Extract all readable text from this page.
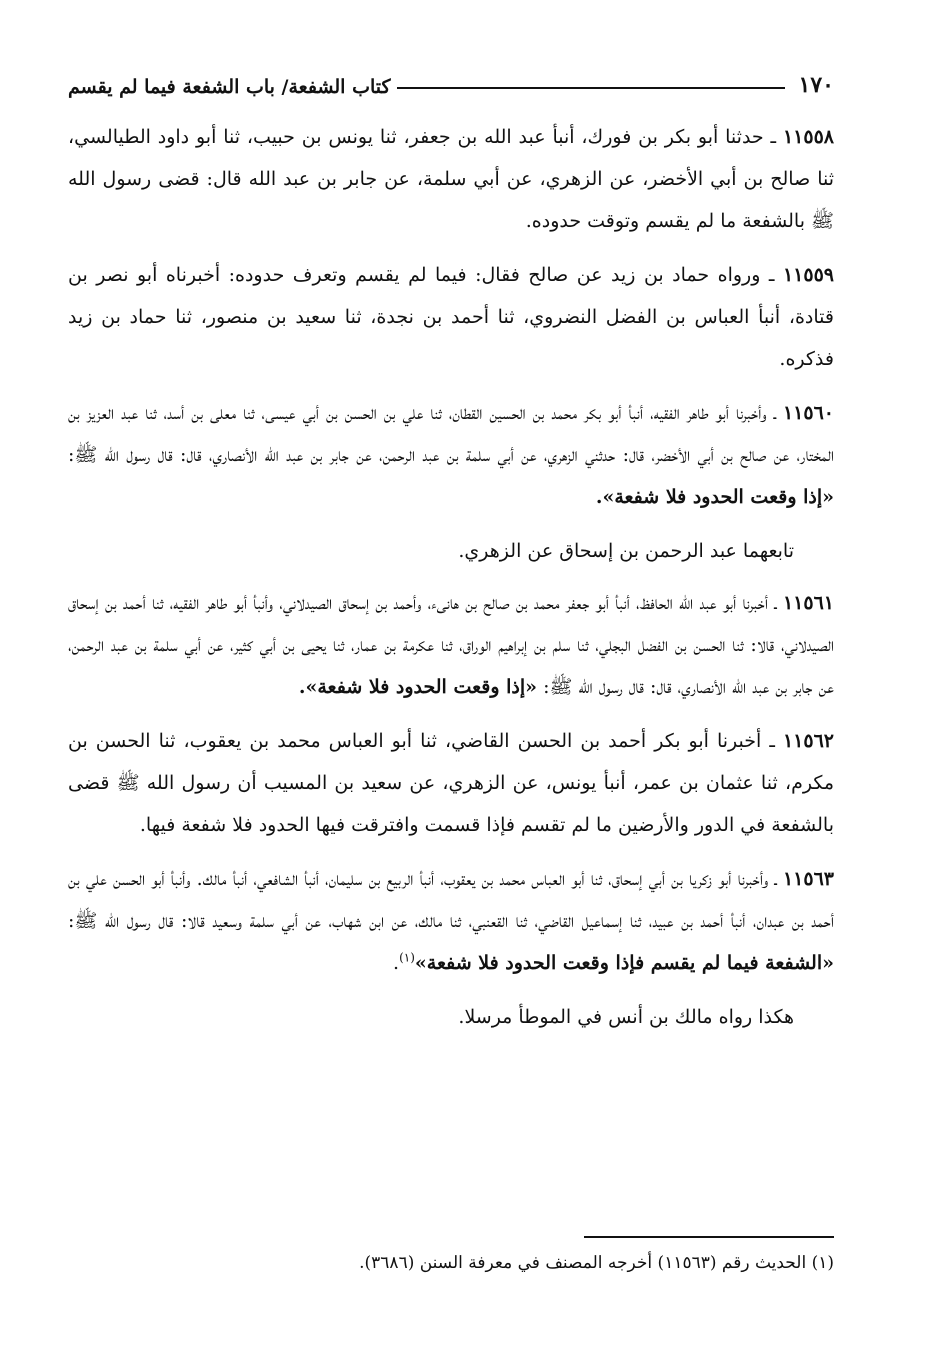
١٧٠
كتاب الشفعة/ باب الشفعة فيما لم يقسم

١١٥٥٨ ـ حدثنا أبو بكر بن فورك، أنبأ عبد الله بن جعفر، ثنا يونس بن حبيب، ثنا أبو داود الطيالسي، ثنا صالح بن أبي الأخضر، عن الزهري، عن أبي سلمة، عن جابر بن عبد الله قال: قضى رسول الله ﷺ بالشفعة ما لم يقسم وتوقت حدوده.

١١٥٥٩ ـ ورواه حماد بن زيد عن صالح فقال: فيما لم يقسم وتعرف حدوده: أخبرناه أبو نصر بن قتادة، أنبأ العباس بن الفضل النضروي، ثنا أحمد بن نجدة، ثنا سعيد بن منصور، ثنا حماد بن زيد فذكره.

١١٥٦٠ ـ وأخبرنا أبو طاهر الفقيه، أنبأ أبو بكر محمد بن الحسين القطان، ثنا علي بن الحسن بن أبي عيسى، ثنا معلى بن أسد، ثنا عبد العزيز بن المختار، عن صالح بن أبي الأخضر، قال: حدثني الزهري، عن أبي سلمة بن عبد الرحمن، عن جابر بن عبد الله الأنصاري، قال: قال رسول الله ﷺ: «إذا وقعت الحدود فلا شفعة».

تابعهما عبد الرحمن بن إسحاق عن الزهري.

١١٥٦١ ـ أخبرنا أبو عبد الله الحافظ، أنبأ أبو جعفر محمد بن صالح بن هانىء، وأحمد بن إسحاق الصيدلاني، وأنبأ أبو طاهر الفقيه، ثنا أحمد بن إسحاق الصيدلاني، قالا: ثنا الحسن بن الفضل البجلي، ثنا سلم بن إبراهيم الوراق، ثنا عكرمة بن عمار، ثنا يحيى بن أبي كثير، عن أبي سلمة بن عبد الرحمن، عن جابر بن عبد الله الأنصاري، قال: قال رسول الله ﷺ: «إذا وقعت الحدود فلا شفعة».

١١٥٦٢ ـ أخبرنا أبو بكر أحمد بن الحسن القاضي، ثنا أبو العباس محمد بن يعقوب، ثنا الحسن بن مكرم، ثنا عثمان بن عمر، أنبأ يونس، عن الزهري، عن سعيد بن المسيب أن رسول الله ﷺ قضى بالشفعة في الدور والأرضين ما لم تقسم فإذا قسمت وافترقت فيها الحدود فلا شفعة فيها.

١١٥٦٣ ـ وأخبرنا أبو زكريا بن أبي إسحاق، ثنا أبو العباس محمد بن يعقوب، أنبأ الربيع بن سليمان، أنبأ الشافعي، أنبأ مالك. وأنبأ أبو الحسن علي بن أحمد بن عبدان، أنبأ أحمد بن عبيد، ثنا إسماعيل القاضي، ثنا القعنبي، ثنا مالك، عن ابن شهاب، عن أبي سلمة وسعيد قالا: قال رسول الله ﷺ: «الشفعة فيما لم يقسم فإذا وقعت الحدود فلا شفعة»$^{(١)}$.

هكذا رواه مالك بن أنس في الموطأ مرسلا.

(١) الحديث رقم (١١٥٦٣) أخرجه المصنف في معرفة السنن (٣٦٨٦).
